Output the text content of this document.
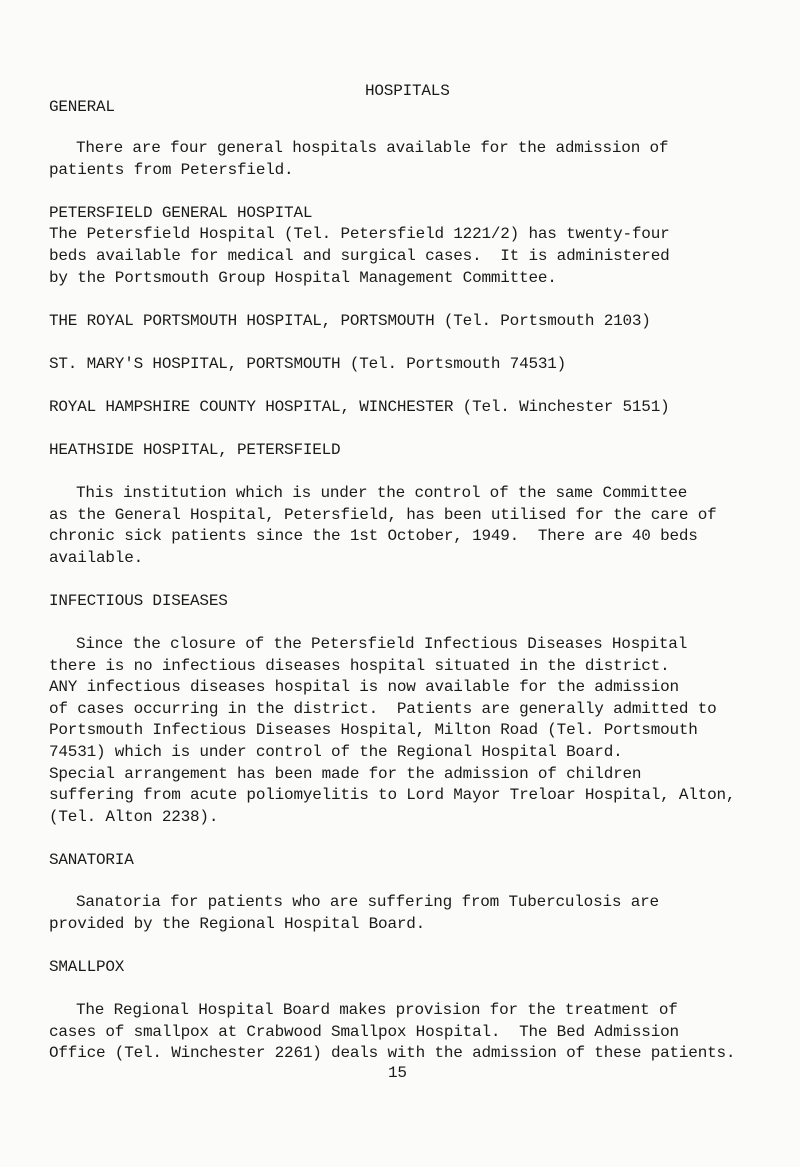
HOSPITALS
GENERAL
There are four general hospitals available for the admission of
patients from Petersfield.
PETERSFIELD GENERAL HOSPITAL
The Petersfield Hospital (Tel. Petersfield 1221/2) has twenty-four
beds available for medical and surgical cases.  It is administered
by the Portsmouth Group Hospital Management Committee.
THE ROYAL PORTSMOUTH HOSPITAL, PORTSMOUTH (Tel. Portsmouth 2103)
ST. MARY'S HOSPITAL, PORTSMOUTH (Tel. Portsmouth 74531)
ROYAL HAMPSHIRE COUNTY HOSPITAL, WINCHESTER (Tel. Winchester 5151)
HEATHSIDE HOSPITAL, PETERSFIELD
This institution which is under the control of the same Committee
as the General Hospital, Petersfield, has been utilised for the care of
chronic sick patients since the 1st October, 1949.  There are 40 beds
available.
INFECTIOUS DISEASES
Since the closure of the Petersfield Infectious Diseases Hospital
there is no infectious diseases hospital situated in the district.
ANY infectious diseases hospital is now available for the admission
of cases occurring in the district.  Patients are generally admitted to
Portsmouth Infectious Diseases Hospital, Milton Road (Tel. Portsmouth
74531) which is under control of the Regional Hospital Board.
Special arrangement has been made for the admission of children
suffering from acute poliomyelitis to Lord Mayor Treloar Hospital, Alton,
(Tel. Alton 2238).
SANATORIA
Sanatoria for patients who are suffering from Tuberculosis are
provided by the Regional Hospital Board.
SMALLPOX
The Regional Hospital Board makes provision for the treatment of
cases of smallpox at Crabwood Smallpox Hospital.  The Bed Admission
Office (Tel. Winchester 2261) deals with the admission of these patients.
15
